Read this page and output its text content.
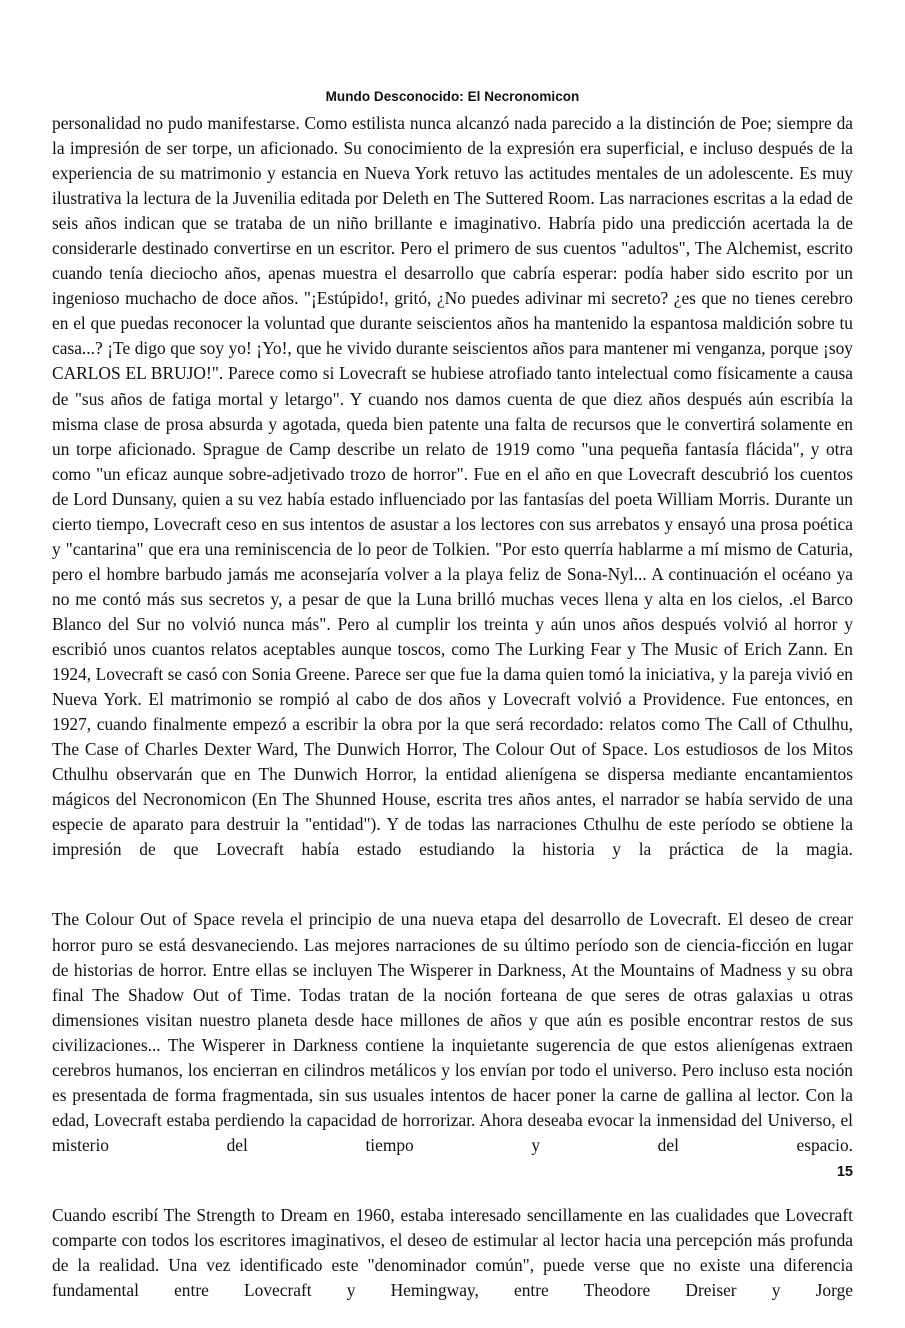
Mundo Desconocido: El Necronomicon

personalidad no pudo manifestarse. Como estilista nunca alcanzó nada parecido a la distinción de Poe; siempre da la impresión de ser torpe, un aficionado. Su conocimiento de la expresión era superficial, e incluso después de la experiencia de su matrimonio y estancia en Nueva York retuvo las actitudes mentales de un adolescente. Es muy ilustrativa la lectura de la Juvenilia editada por Deleth en The Suttered Room. Las narraciones escritas a la edad de seis años indican que se trataba de un niño brillante e imaginativo. Habría pido una predicción acertada la de considerarle destinado convertirse en un escritor. Pero el primero de sus cuentos "adultos", The Alchemist, escrito cuando tenía dieciocho años, apenas muestra el desarrollo que cabría esperar: podía haber sido escrito por un ingenioso muchacho de doce años. "¡Estúpido!, gritó, ¿No puedes adivinar mi secreto? ¿es que no tienes cerebro en el que puedas reconocer la voluntad que durante seiscientos años ha mantenido la espantosa maldición sobre tu casa...? ¡Te digo que soy yo! ¡Yo!, que he vivido durante seiscientos años para mantener mi venganza, porque ¡soy CARLOS EL BRUJO!". Parece como si Lovecraft se hubiese atrofiado tanto intelectual como físicamente a causa de "sus años de fatiga mortal y letargo". Y cuando nos damos cuenta de que diez años después aún escribía la misma clase de prosa absurda y agotada, queda bien patente una falta de recursos que le convertirá solamente en un torpe aficionado. Sprague de Camp describe un relato de 1919 como "una pequeña fantasía flácida", y otra como "un eficaz aunque sobre-adjetivado trozo de horror". Fue en el año en que Lovecraft descubrió los cuentos de Lord Dunsany, quien a su vez había estado influenciado por las fantasías del poeta William Morris. Durante un cierto tiempo, Lovecraft ceso en sus intentos de asustar a los lectores con sus arrebatos y ensayó una prosa poética y "cantarina" que era una reminiscencia de lo peor de Tolkien. "Por esto querría hablarme a mí mismo de Caturia, pero el hombre barbudo jamás me aconsejaría volver a la playa feliz de Sona-Nyl... A continuación el océano ya no me contó más sus secretos y, a pesar de que la Luna brilló muchas veces llena y alta en los cielos, .el Barco Blanco del Sur no volvió nunca más". Pero al cumplir los treinta y aún unos años después volvió al horror y escribió unos cuantos relatos aceptables aunque toscos, como The Lurking Fear y The Music of Erich Zann. En 1924, Lovecraft se casó con Sonia Greene. Parece ser que fue la dama quien tomó la iniciativa, y la pareja vivió en Nueva York. El matrimonio se rompió al cabo de dos años y Lovecraft volvió a Providence. Fue entonces, en 1927, cuando finalmente empezó a escribir la obra por la que será recordado: relatos como The Call of Cthulhu, The Case of Charles Dexter Ward, The Dunwich Horror, The Colour Out of Space. Los estudiosos de los Mitos Cthulhu observarán que en The Dunwich Horror, la entidad alienígena se dispersa mediante encantamientos mágicos del Necronomicon (En The Shunned House, escrita tres años antes, el narrador se había servido de una especie de aparato para destruir la "entidad"). Y de todas las narraciones Cthulhu de este período se obtiene la impresión de que Lovecraft había estado estudiando la historia y la práctica de la magia.

The Colour Out of Space revela el principio de una nueva etapa del desarrollo de Lovecraft. El deseo de crear horror puro se está desvaneciendo. Las mejores narraciones de su último período son de ciencia-ficción en lugar de historias de horror. Entre ellas se incluyen The Wisperer in Darkness, At the Mountains of Madness y su obra final The Shadow Out of Time. Todas tratan de la noción forteana de que seres de otras galaxias u otras dimensiones visitan nuestro planeta desde hace millones de años y que aún es posible encontrar restos de sus civilizaciones... The Wisperer in Darkness contiene la inquietante sugerencia de que estos alienígenas extraen cerebros humanos, los encierran en cilindros metálicos y los envían por todo el universo. Pero incluso esta noción es presentada de forma fragmentada, sin sus usuales intentos de hacer poner la carne de gallina al lector. Con la edad, Lovecraft estaba perdiendo la capacidad de horrorizar. Ahora deseaba evocar la inmensidad del Universo, el misterio del tiempo y del espacio.

Cuando escribí The Strength to Dream en 1960, estaba interesado sencillamente en las cualidades que Lovecraft comparte con todos los escritores imaginativos, el deseo de estimular al lector hacia una percepción más profunda de la realidad. Una vez identificado este "denominador común", puede verse que no existe una diferencia fundamental entre Lovecraft y Hemingway, entre Theodore Dreiser y Jorge

15
